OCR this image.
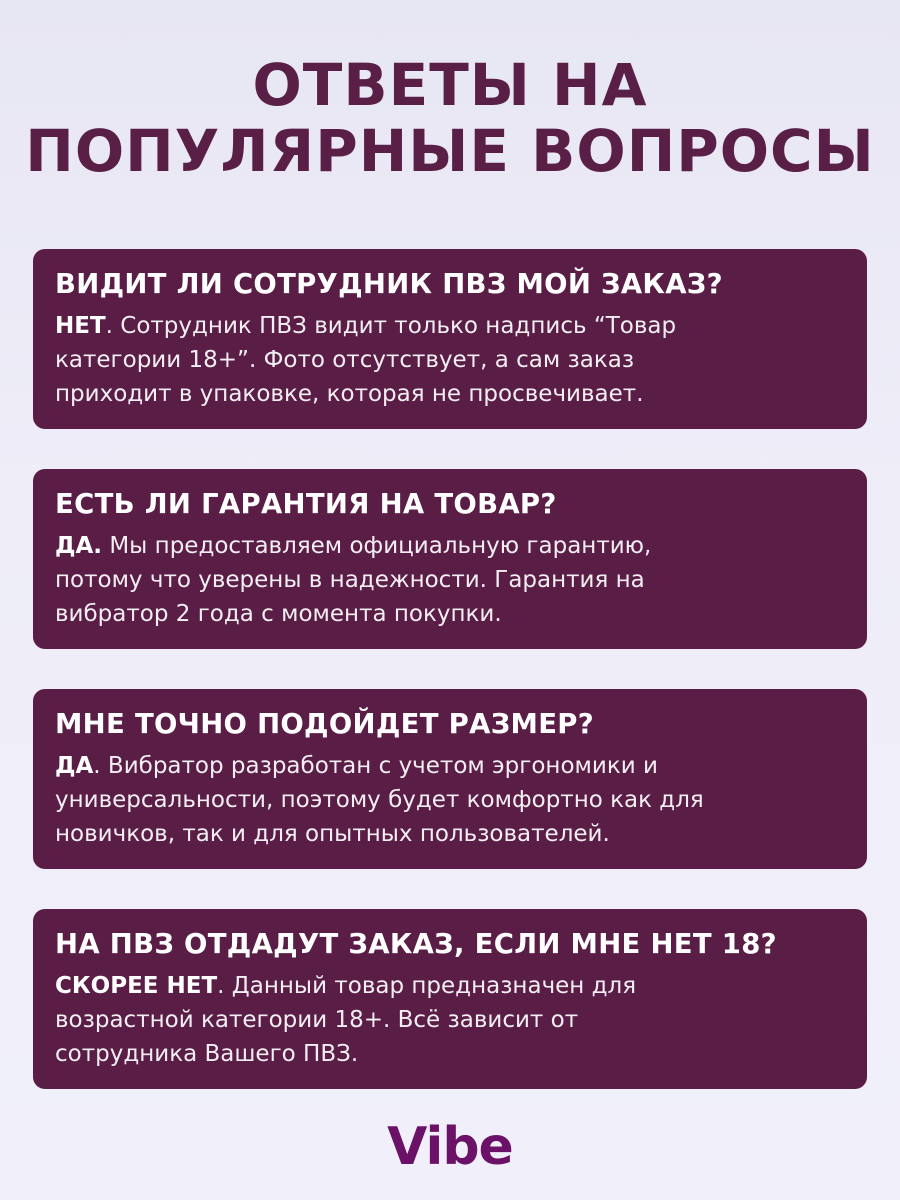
ОТВЕТЫ НА
ПОПУЛЯРНЫЕ ВОПРОСЫ
ВИДИТ ЛИ СОТРУДНИК ПВЗ МОЙ ЗАКАЗ?
НЕТ. Сотрудник ПВЗ видит только надпись “Товар
категории 18+”. Фото отсутствует, а сам заказ
приходит в упаковке, которая не просвечивает.
ЕСТЬ ЛИ ГАРАНТИЯ НА ТОВАР?
ДА. Мы предоставляем официальную гарантию,
потому что уверены в надежности. Гарантия на
вибратор 2 года с момента покупки.
МНЕ ТОЧНО ПОДОЙДЕТ РАЗМЕР?
ДА. Вибратор разработан с учетом эргономики и
универсальности, поэтому будет комфортно как для
новичков, так и для опытных пользователей.
НА ПВЗ ОТДАДУТ ЗАКАЗ, ЕСЛИ МНЕ НЕТ 18?
СКОРЕЕ НЕТ. Данный товар предназначен для
возрастной категории 18+. Всё зависит от
сотрудника Вашего ПВЗ.
Vibe
